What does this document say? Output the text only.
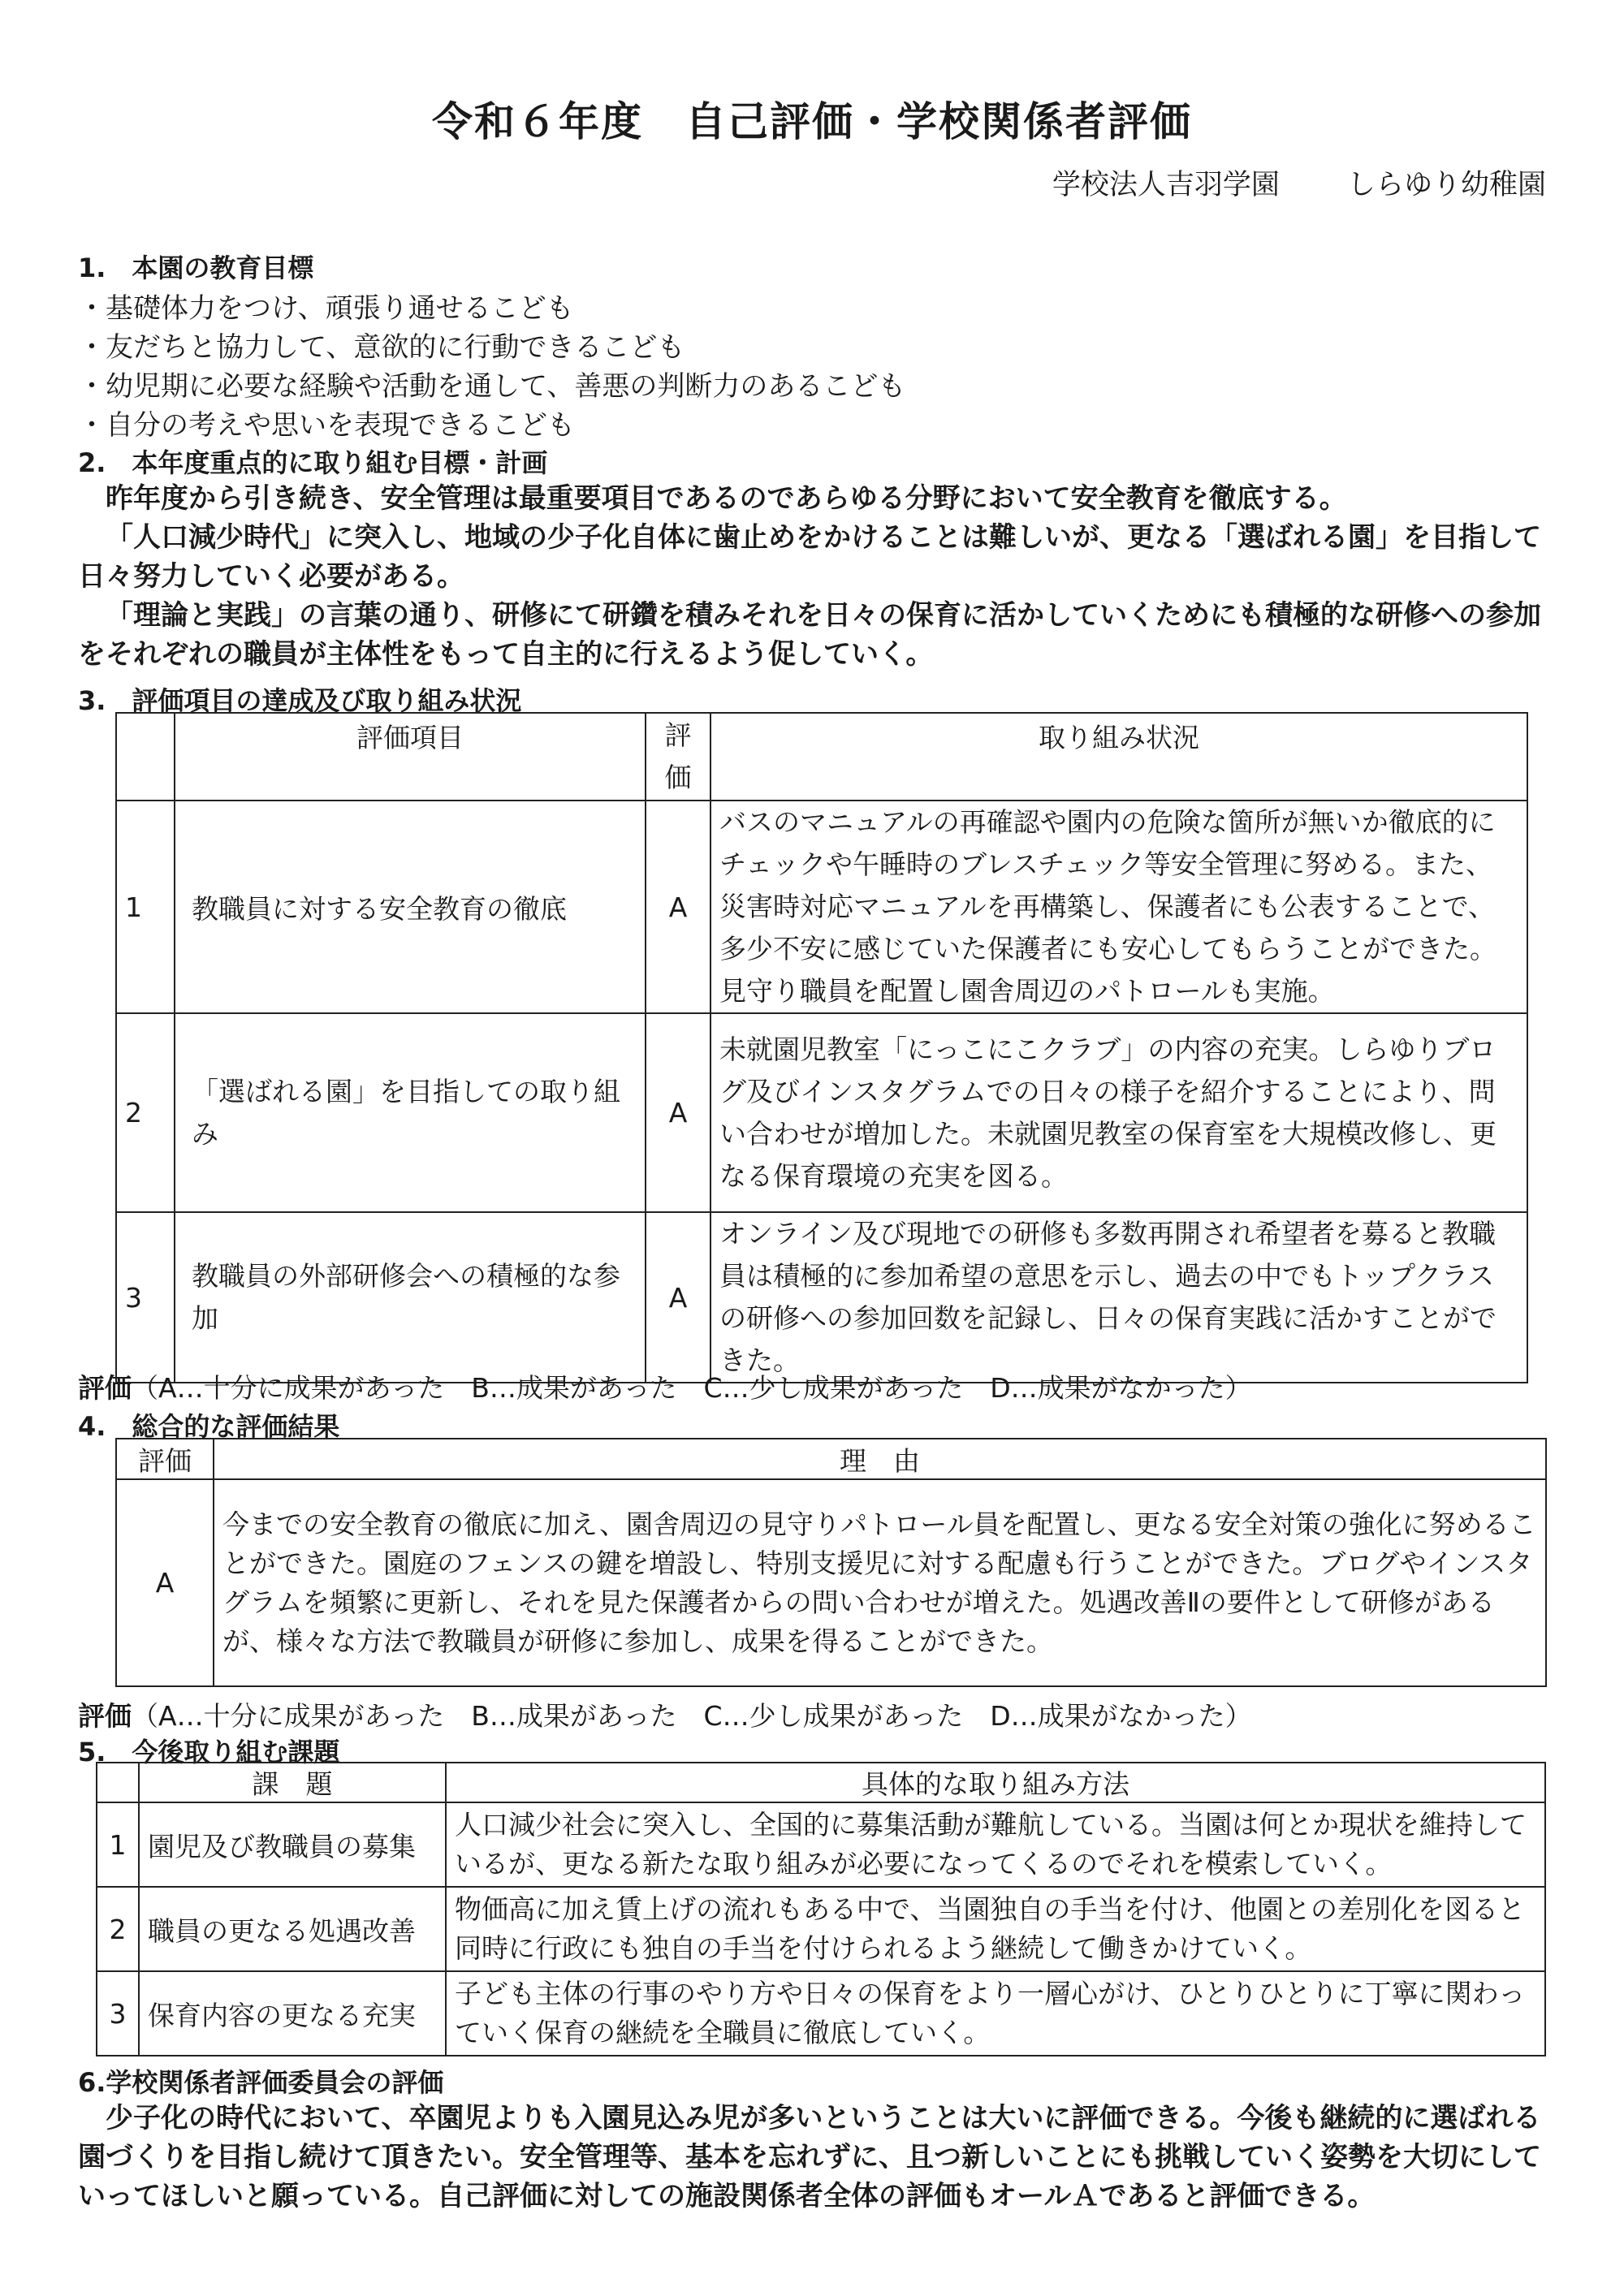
令和６年度　自己評価・学校関係者評価
学校法人吉羽学園 しらゆり幼稚園
1.　本園の教育目標
・基礎体力をつけ、頑張り通せるこども
・友だちと協力して、意欲的に行動できるこども
・幼児期に必要な経験や活動を通して、善悪の判断力のあるこども
・自分の考えや思いを表現できるこども
2.　本年度重点的に取り組む目標・計画

昨年度から引き続き、安全管理は最重要項目であるのであらゆる分野において安全教育を徹底する。

「人口減少時代」に突入し、地域の少子化自体に歯止めをかけることは難しいが、更なる「選ばれる園」を目指して日々努力していく必要がある。

「理論と実践」の言葉の通り、研修にて研鑽を積みそれを日々の保育に活かしていくためにも積極的な研修への参加をそれぞれの職員が主体性をもって自主的に行えるよう促していく。

3.　評価項目の達成及び取り組み状況
	評価項目	評価	取り組み状況
1	教職員に対する安全教育の徹底	A	バスのマニュアルの再確認や園内の危険な箇所が無いか徹底的にチェックや午睡時のブレスチェック等安全管理に努める。また、災害時対応マニュアルを再構築し、保護者にも公表することで、多少不安に感じていた保護者にも安心してもらうことができた。見守り職員を配置し園舎周辺のパトロールも実施。
2	「選ばれる園」を目指しての取り組み	A	未就園児教室「にっこにこクラブ」の内容の充実。しらゆりブログ及びインスタグラムでの日々の様子を紹介することにより、問い合わせが増加した。未就園児教室の保育室を大規模改修し、更なる保育環境の充実を図る。
3	教職員の外部研修会への積極的な参加	A	オンライン及び現地での研修も多数再開され希望者を募ると教職員は積極的に参加希望の意思を示し、過去の中でもトップクラスの研修への参加回数を記録し、日々の保育実践に活かすことができた。
評価（A…十分に成果があった　B…成果があった　C…少し成果があった　D…成果がなかった）
4.　総合的な評価結果
評価	理　由
A	今までの安全教育の徹底に加え、園舎周辺の見守りパトロール員を配置し、更なる安全対策の強化に努めることができた。園庭のフェンスの鍵を増設し、特別支援児に対する配慮も行うことができた。ブログやインスタグラムを頻繁に更新し、それを見た保護者からの問い合わせが増えた。処遇改善Ⅱの要件として研修があるが、様々な方法で教職員が研修に参加し、成果を得ることができた。
評価（A…十分に成果があった　B…成果があった　C…少し成果があった　D…成果がなかった）
5.　今後取り組む課題
	課　題	具体的な取り組み方法
1	園児及び教職員の募集	人口減少社会に突入し、全国的に募集活動が難航している。当園は何とか現状を維持しているが、更なる新たな取り組みが必要になってくるのでそれを模索していく。
2	職員の更なる処遇改善	物価高に加え賃上げの流れもある中で、当園独自の手当を付け、他園との差別化を図ると同時に行政にも独自の手当を付けられるよう継続して働きかけていく。
3	保育内容の更なる充実	子ども主体の行事のやり方や日々の保育をより一層心がけ、ひとりひとりに丁寧に関わっていく保育の継続を全職員に徹底していく。
6.学校関係者評価委員会の評価

少子化の時代において、卒園児よりも入園見込み児が多いということは大いに評価できる。今後も継続的に選ばれる園づくりを目指し続けて頂きたい。安全管理等、基本を忘れずに、且つ新しいことにも挑戦していく姿勢を大切にしていってほしいと願っている。自己評価に対しての施設関係者全体の評価もオールＡであると評価できる。
